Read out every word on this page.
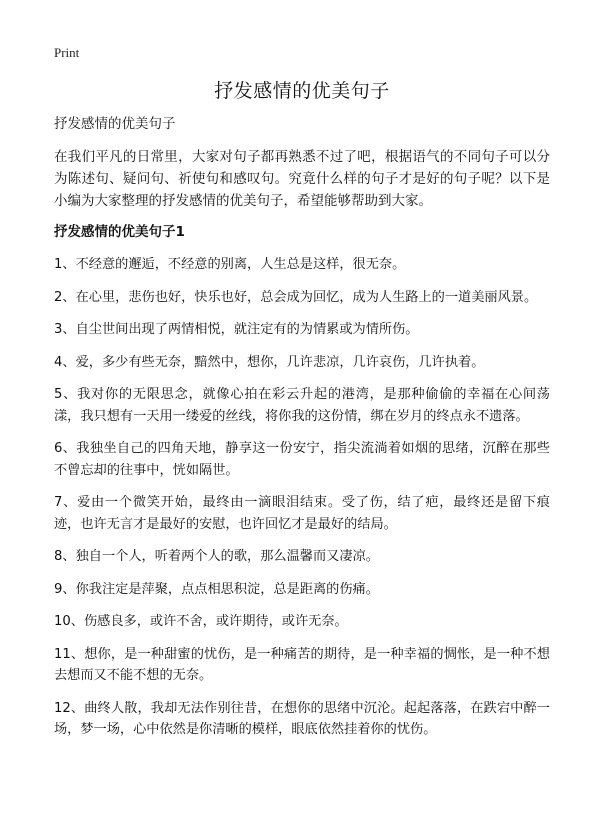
Print
抒发感情的优美句子

抒发感情的优美句子

在我们平凡的日常里，大家对句子都再熟悉不过了吧，根据语气的不同句子可以分为陈述句、疑问句、祈使句和感叹句。究竟什么样的句子才是好的句子呢？以下是小编为大家整理的抒发感情的优美句子，希望能够帮助到大家。

抒发感情的优美句子1

1、不经意的邂逅，不经意的别离，人生总是这样，很无奈。

2、在心里，悲伤也好，快乐也好，总会成为回忆，成为人生路上的一道美丽风景。

3、自尘世间出现了两情相悦，就注定有的为情累或为情所伤。

4、爱，多少有些无奈，黯然中，想你，几许悲凉，几许哀伤，几许执着。

5、我对你的无限思念，就像心拍在彩云升起的港湾，是那种偷偷的幸福在心间荡漾，我只想有一天用一缕爱的丝线，将你我的这份情，绑在岁月的终点永不遗落。

6、我独坐自己的四角天地，静享这一份安宁，指尖流淌着如烟的思绪，沉醉在那些不曾忘却的往事中，恍如隔世。

7、爱由一个微笑开始，最终由一滴眼泪结束。受了伤，结了疤，最终还是留下痕迹，也许无言才是最好的安慰，也许回忆才是最好的结局。

8、独自一个人，听着两个人的歌，那么温馨而又凄凉。

9、你我注定是萍聚，点点相思积淀，总是距离的伤痛。

10、伤感良多，或许不舍，或许期待，或许无奈。

11、想你，是一种甜蜜的忧伤，是一种痛苦的期待，是一种幸福的惆怅，是一种不想去想而又不能不想的无奈。

12、曲终人散，我却无法作别往昔，在想你的思绪中沉沦。起起落落，在跌宕中醉一场，梦一场，心中依然是你清晰的模样，眼底依然挂着你的忧伤。
